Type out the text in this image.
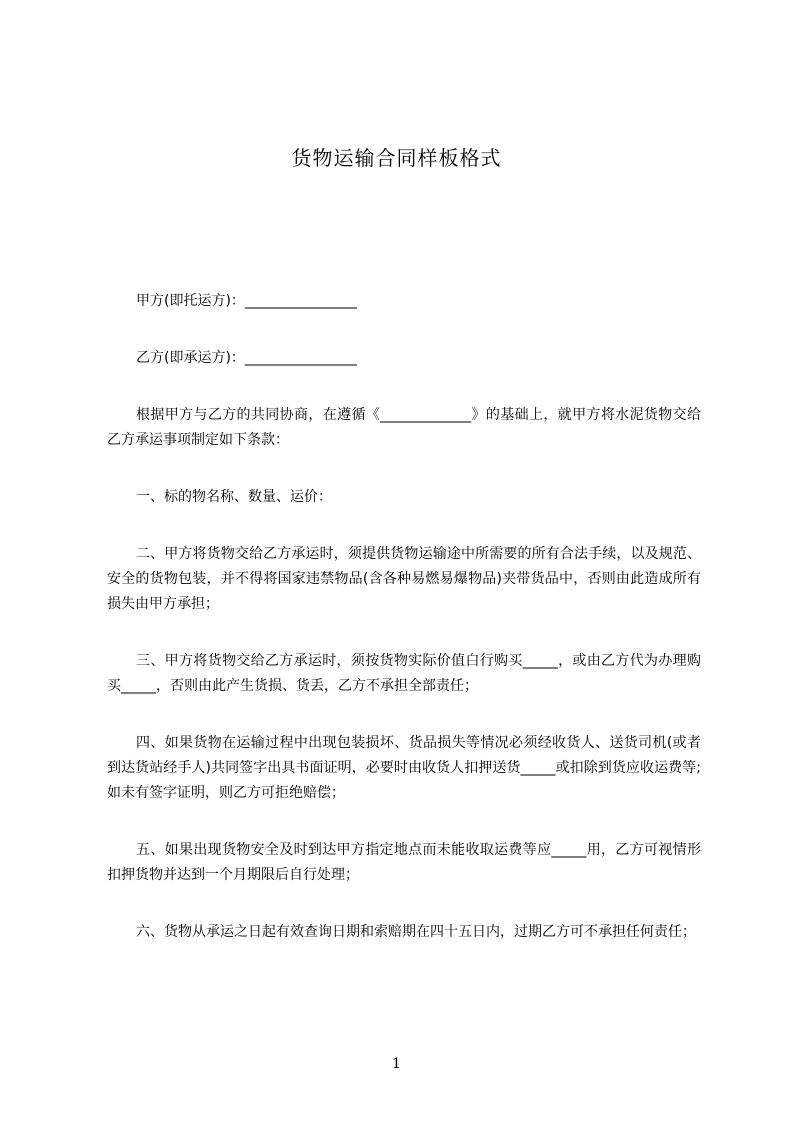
货物运输合同样板格式
甲方(即托运方)：________________
乙方(即承运方)：________________

根据甲方与乙方的共同协商，在遵循《_____________》的基础上，就甲方将水泥货物交给乙方承运事项制定如下条款：

一、标的物名称、数量、运价：

二、甲方将货物交给乙方承运时，须提供货物运输途中所需要的所有合法手续，以及规范、安全的货物包装，并不得将国家违禁物品(含各种易燃易爆物品)夹带货品中，否则由此造成所有损失由甲方承担；

三、甲方将货物交给乙方承运时，须按货物实际价值白行购买_____，或由乙方代为办理购买_____，否则由此产生货损、货丢，乙方不承担全部责任；

四、如果货物在运输过程中出现包装损坏、货品损失等情况必须经收货人、送货司机(或者到达货站经手人)共同签字出具书面证明，必要时由收货人扣押送货_____或扣除到货应收运费等;如未有签字证明，则乙方可拒绝赔偿；

五、如果出现货物安全及时到达甲方指定地点而未能收取运费等应_____用，乙方可视情形扣押货物并达到一个月期限后自行处理；

六、货物从承运之日起有效查询日期和索赔期在四十五日内，过期乙方可不承担任何责任；

1
